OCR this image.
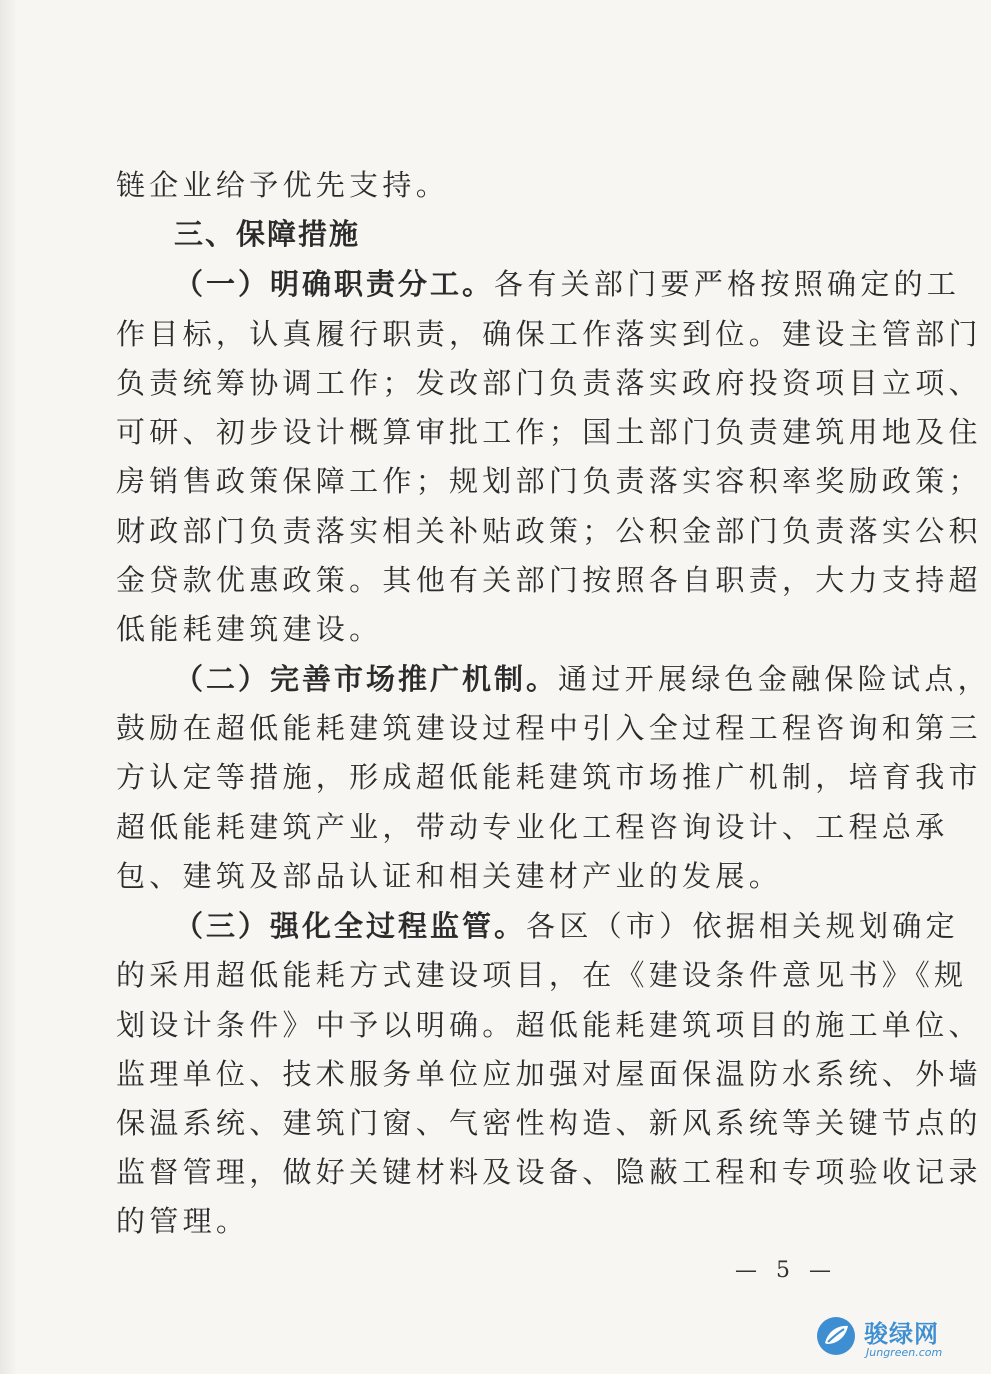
链企业给予优先支持。
三、保障措施
（一）明确职责分工。各有关部门要严格按照确定的工
作目标，认真履行职责，确保工作落实到位。建设主管部门
负责统筹协调工作；发改部门负责落实政府投资项目立项、
可研、初步设计概算审批工作；国土部门负责建筑用地及住
房销售政策保障工作；规划部门负责落实容积率奖励政策；
财政部门负责落实相关补贴政策；公积金部门负责落实公积
金贷款优惠政策。其他有关部门按照各自职责，大力支持超
低能耗建筑建设。
（二）完善市场推广机制。通过开展绿色金融保险试点，
鼓励在超低能耗建筑建设过程中引入全过程工程咨询和第三
方认定等措施，形成超低能耗建筑市场推广机制，培育我市
超低能耗建筑产业，带动专业化工程咨询设计、工程总承
包、建筑及部品认证和相关建材产业的发展。
（三）强化全过程监管。各区（市）依据相关规划确定
的采用超低能耗方式建设项目，在《建设条件意见书》《规
划设计条件》中予以明确。超低能耗建筑项目的施工单位、
监理单位、技术服务单位应加强对屋面保温防水系统、外墙
保温系统、建筑门窗、气密性构造、新风系统等关键节点的
监督管理，做好关键材料及设备、隐蔽工程和专项验收记录
的管理。
— 5 —
骏绿网
Jungreen.com
